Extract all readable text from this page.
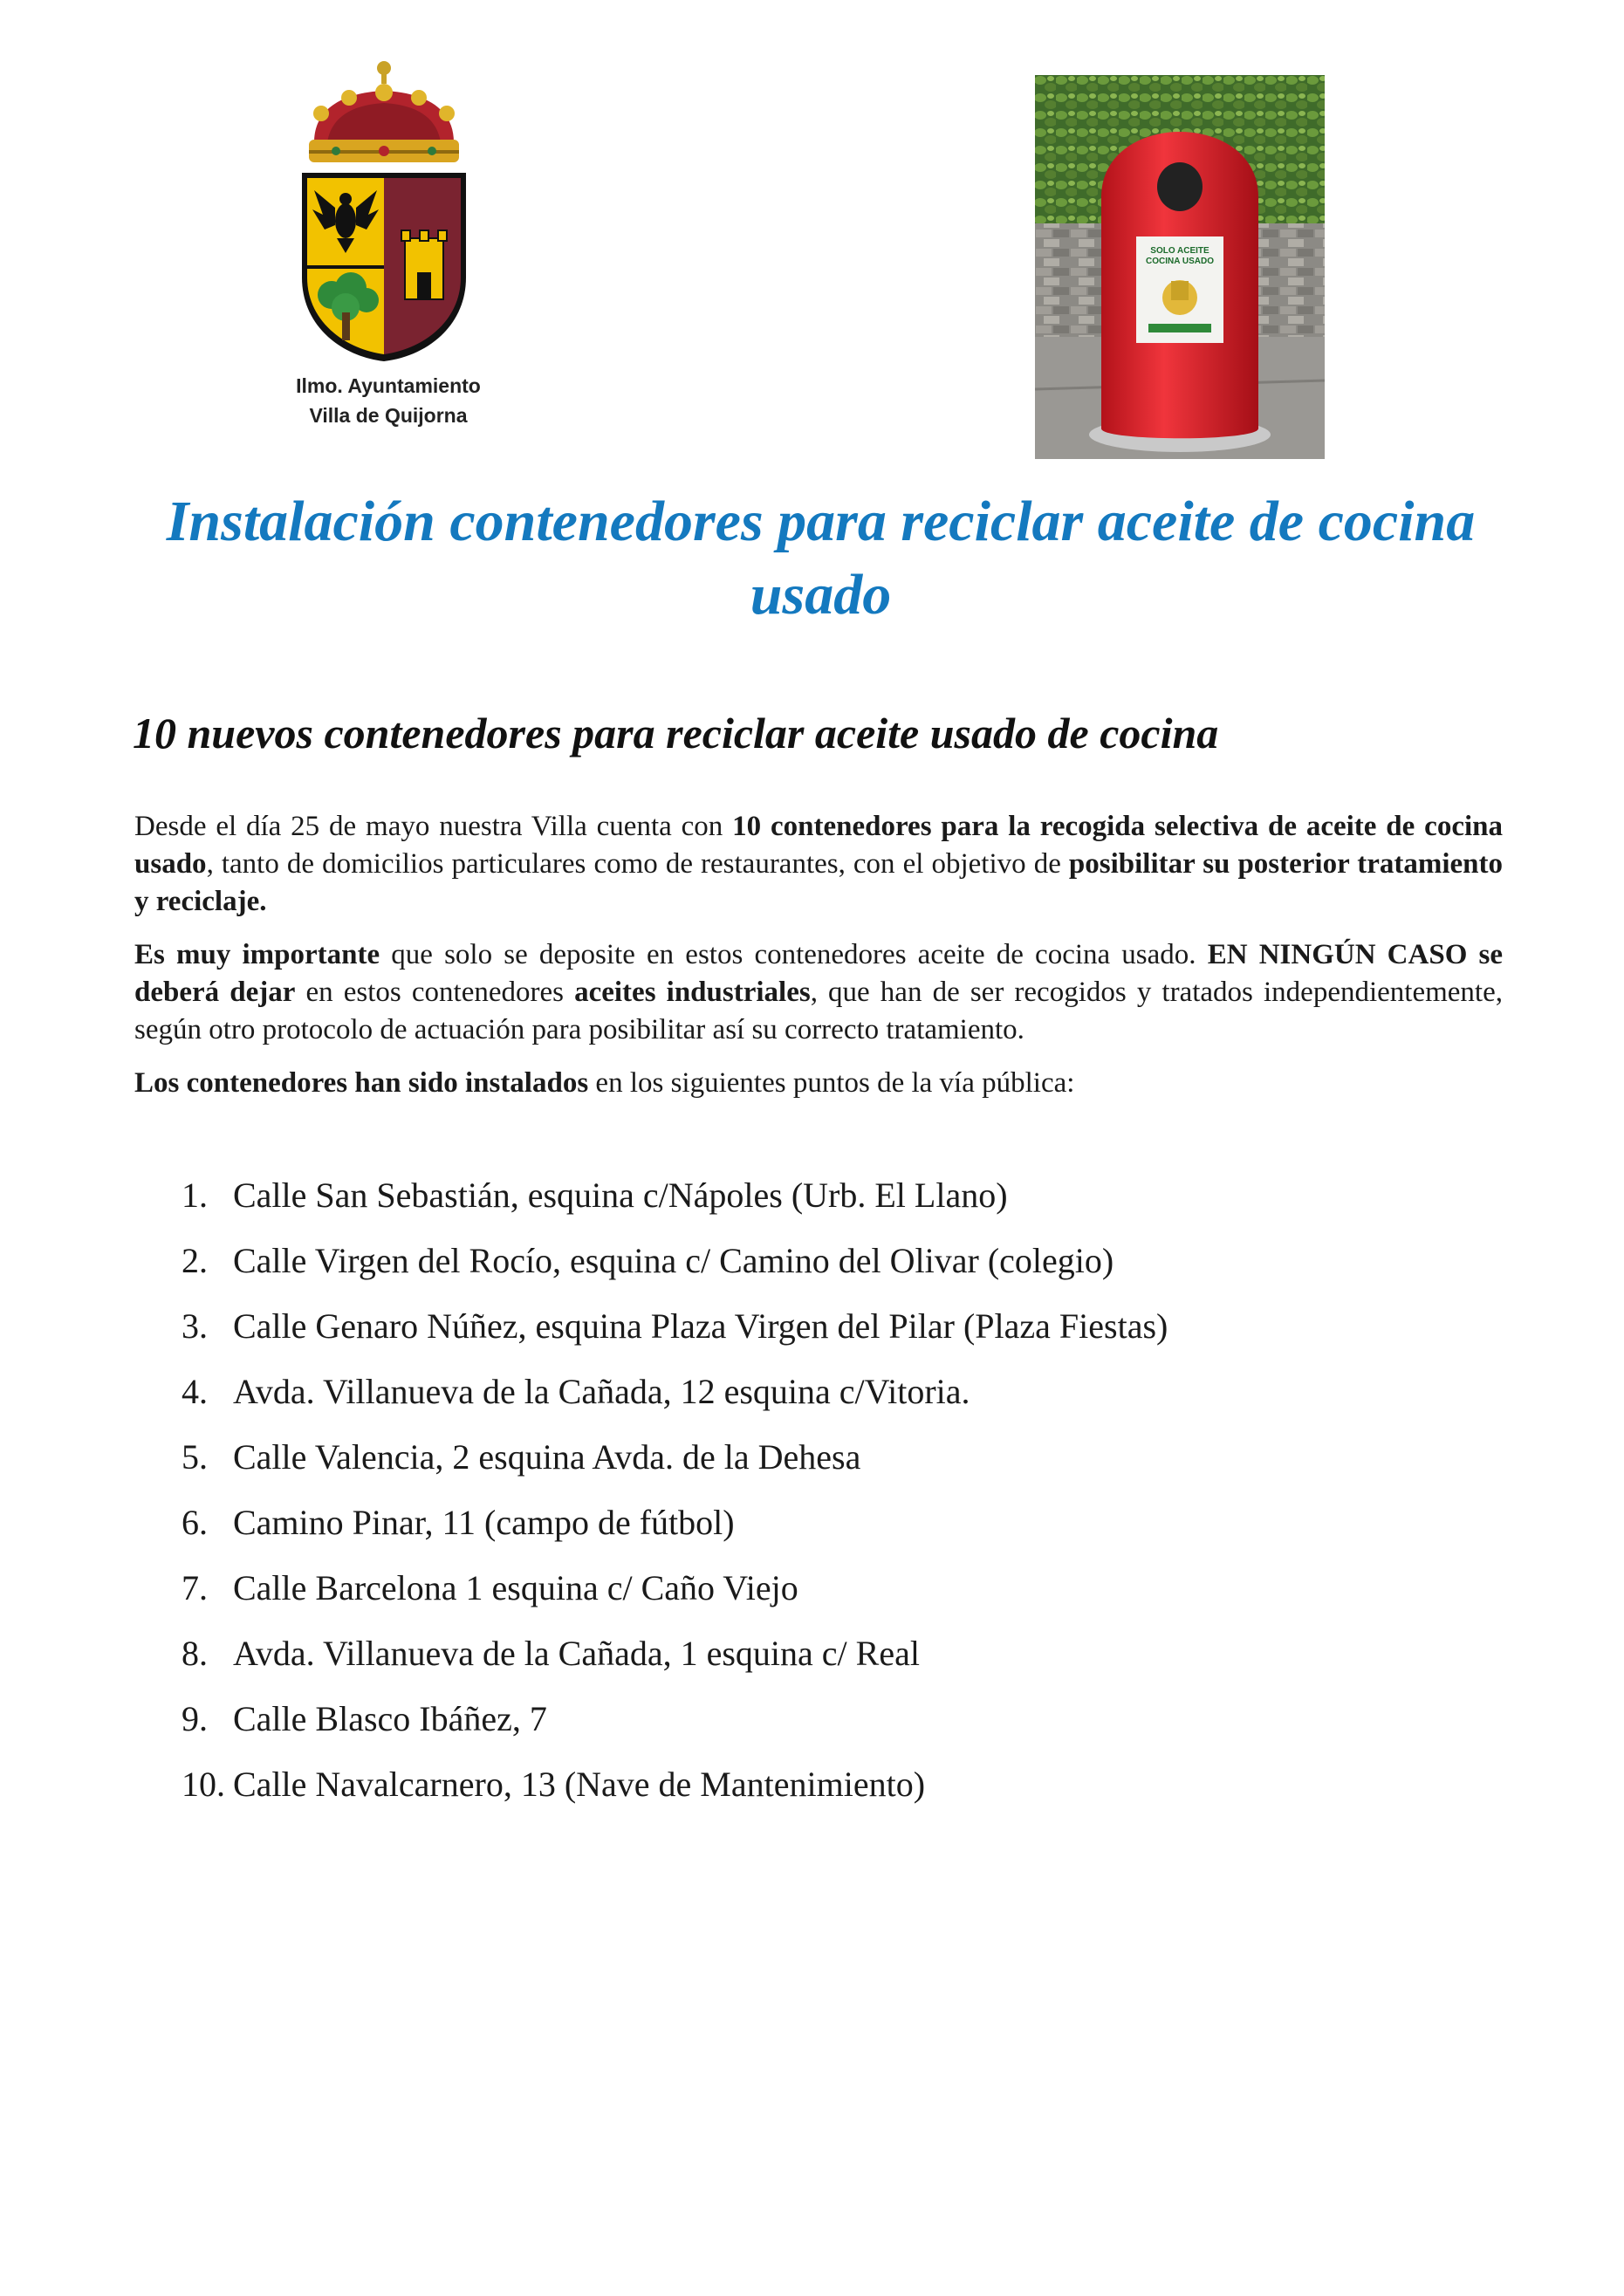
Ilmo. Ayuntamiento
Villa de Quijorna
SOLO ACEITE
COCINA USADO
Instalación contenedores para reciclar aceite de cocina usado
10 nuevos contenedores para reciclar aceite usado de cocina
Desde el día 25 de mayo nuestra Villa cuenta con 10 contenedores para la recogida selectiva de aceite de cocina usado, tanto de domicilios particulares como de restaurantes, con el objetivo de posibilitar su posterior tratamiento y reciclaje.
Es muy importante que solo se deposite en estos contenedores aceite de cocina usado. EN NINGÚN CASO se deberá dejar en estos contenedores aceites industriales, que han de ser recogidos y tratados independientemente, según otro protocolo de actuación para posibilitar así su correcto tratamiento.
Los contenedores han sido instalados en los siguientes puntos de la vía pública:
1. Calle San Sebastián, esquina c/Nápoles (Urb. El Llano)
2. Calle Virgen del Rocío, esquina c/ Camino del Olivar (colegio)
3. Calle Genaro Núñez, esquina Plaza Virgen del Pilar (Plaza Fiestas)
4. Avda. Villanueva de la Cañada, 12 esquina c/Vitoria.
5. Calle Valencia, 2 esquina Avda. de la Dehesa
6. Camino Pinar, 11 (campo de fútbol)
7. Calle Barcelona 1 esquina c/ Caño Viejo
8. Avda. Villanueva de la Cañada, 1 esquina c/ Real
9. Calle Blasco Ibáñez, 7
10. Calle Navalcarnero, 13 (Nave de Mantenimiento)
